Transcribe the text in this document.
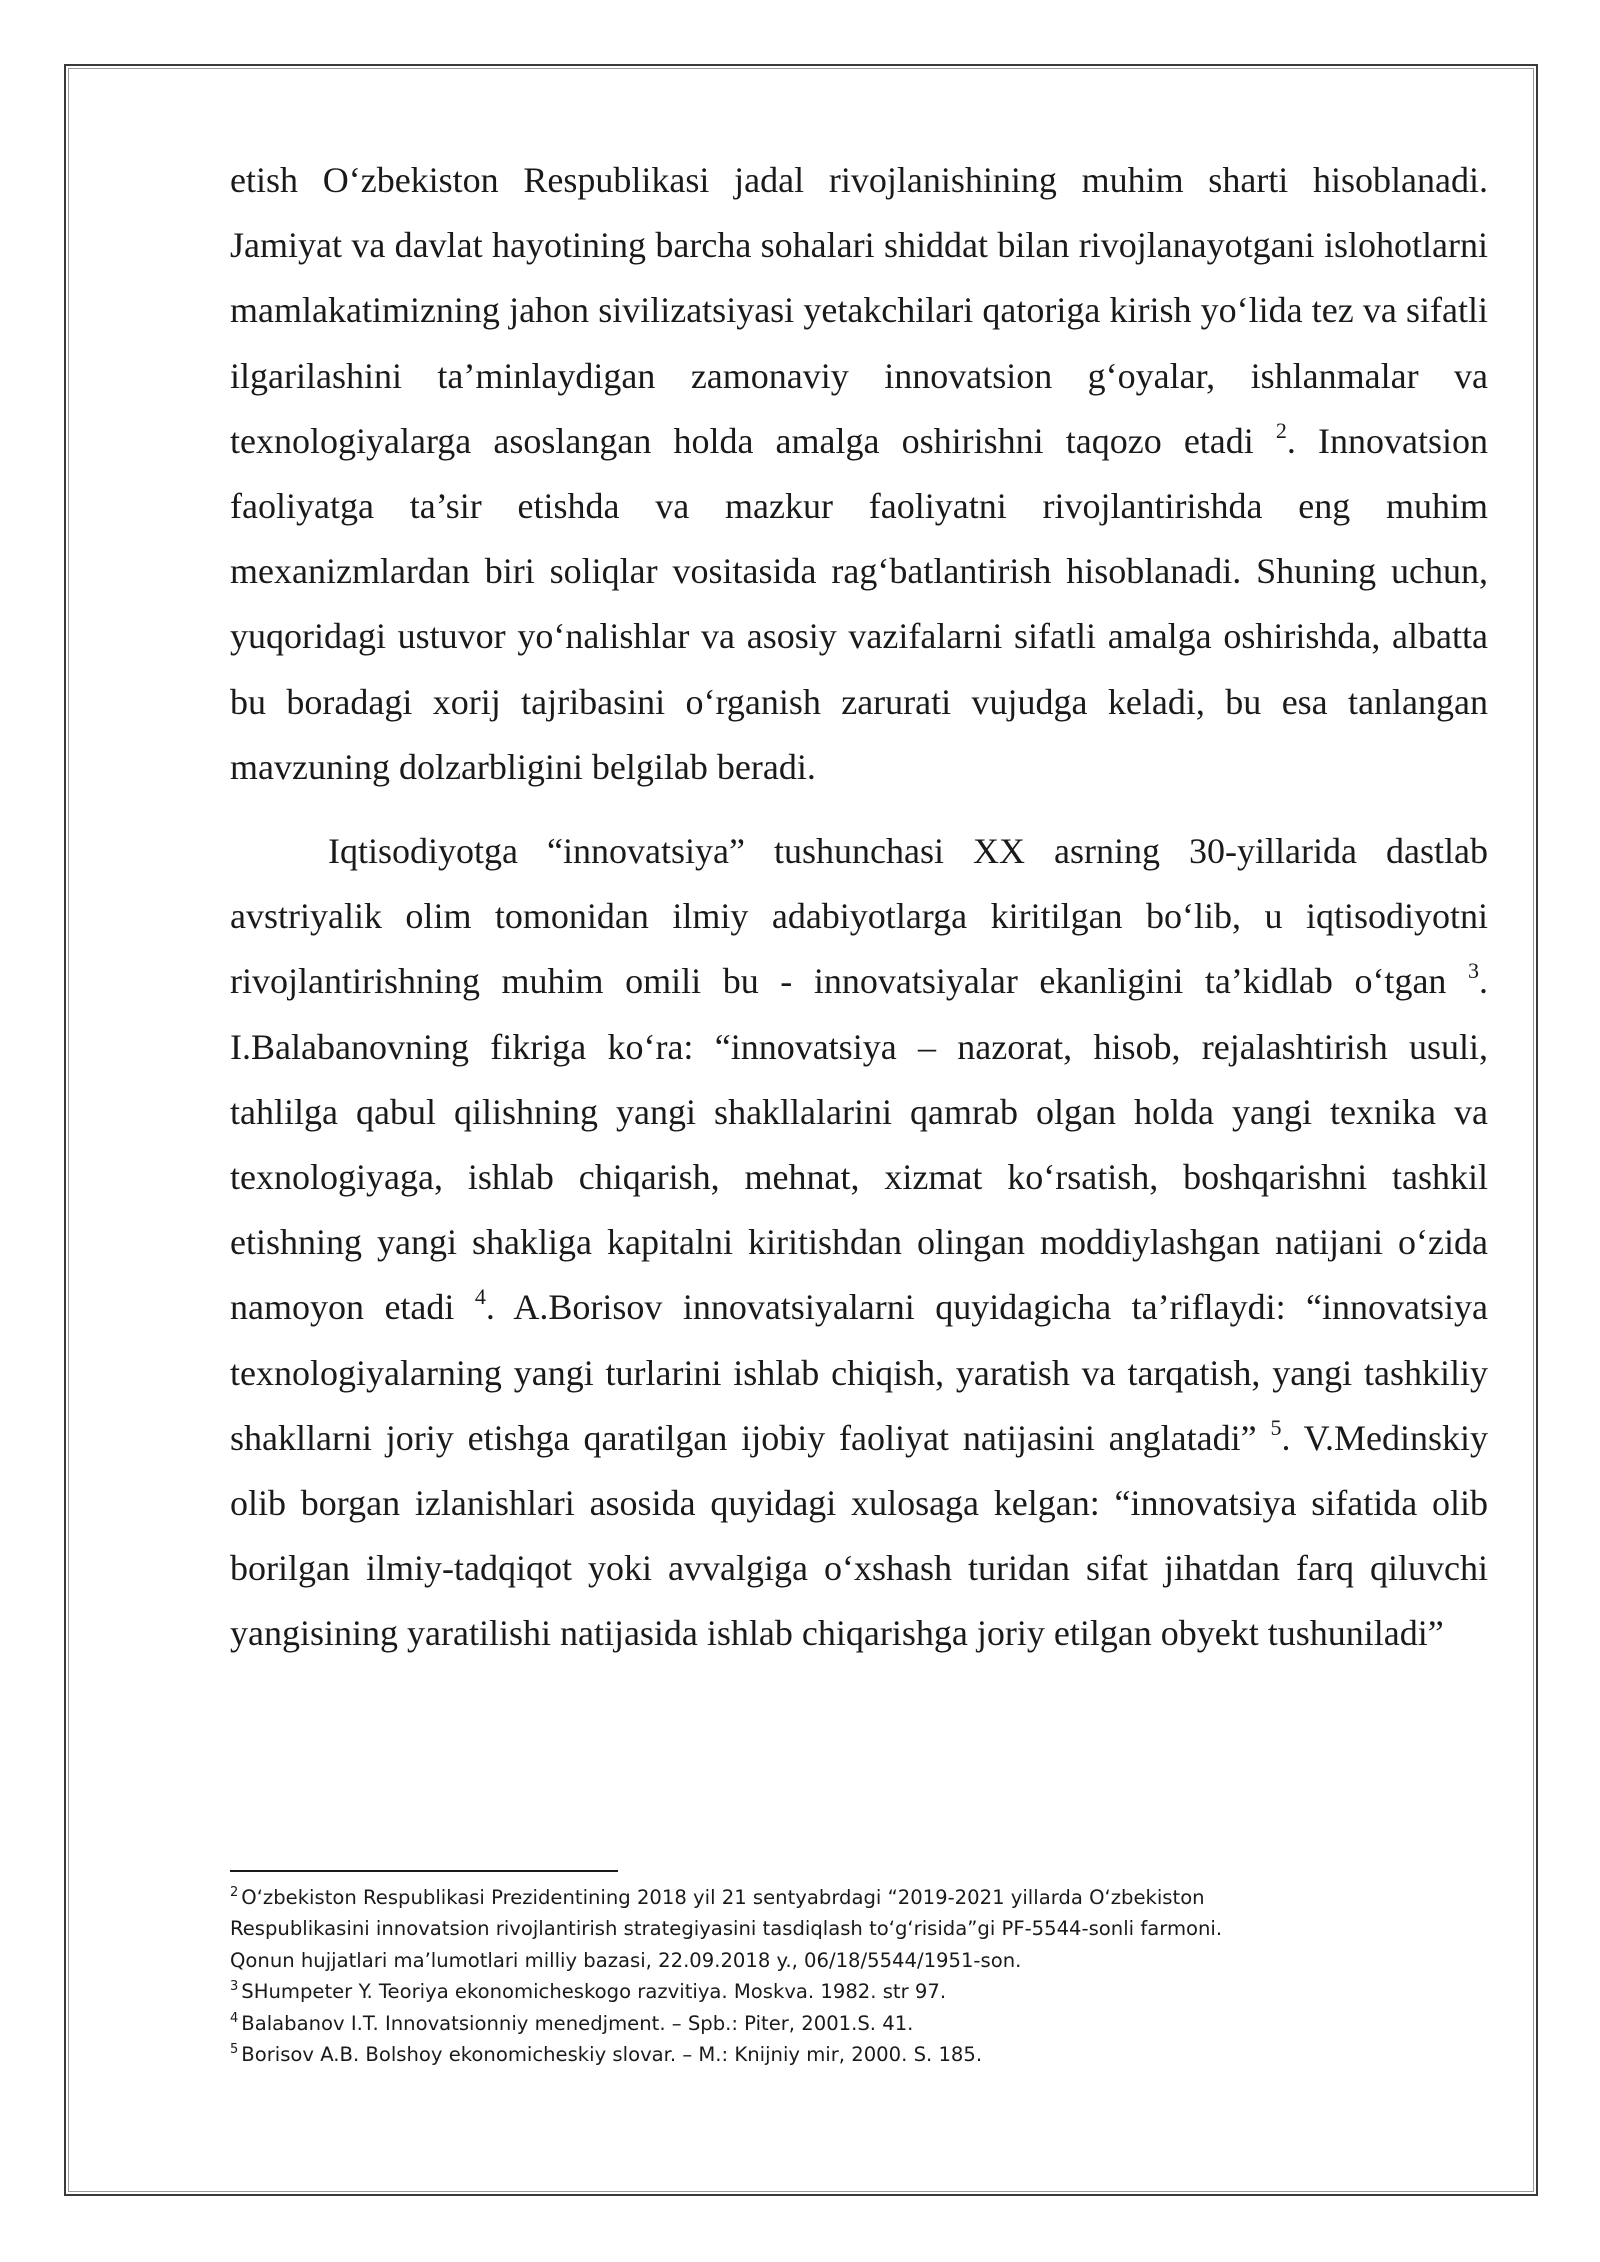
etish O‘zbekiston Respublikasi jadal rivojlanishining muhim sharti hisoblanadi. Jamiyat va davlat hayotining barcha sohalari shiddat bilan rivojlanayotgani islohotlarni mamlakatimizning jahon sivilizatsiyasi yetakchilari qatoriga kirish yo‘lida tez va sifatli ilgarilashini ta’minlaydigan zamonaviy innovatsion g‘oyalar, ishlanmalar va texnologiyalarga asoslangan holda amalga oshirishni taqozo etadi $^2$. Innovatsion faoliyatga ta’sir etishda va mazkur faoliyatni rivojlantirishda eng muhim mexanizmlardan biri soliqlar vositasida rag‘batlantirish hisoblanadi. Shuning uchun, yuqoridagi ustuvor yo‘nalishlar va asosiy vazifalarni sifatli amalga oshirishda, albatta bu boradagi xorij tajribasini o‘rganish zarurati vujudga keladi, bu esa tanlangan mavzuning dolzarbligini belgilab beradi.

Iqtisodiyotga “innovatsiya” tushunchasi XX asrning 30-yillarida dastlab avstriyalik olim tomonidan ilmiy adabiyotlarga kiritilgan bo‘lib, u iqtisodiyotni rivojlantirishning muhim omili bu - innovatsiyalar ekanligini ta’kidlab o‘tgan $^3$. I.Balabanovning fikriga ko‘ra: “innovatsiya – nazorat, hisob, rejalashtirish usuli, tahlilga qabul qilishning yangi shakllalarini qamrab olgan holda yangi texnika va texnologiyaga, ishlab chiqarish, mehnat, xizmat ko‘rsatish, boshqarishni tashkil etishning yangi shakliga kapitalni kiritishdan olingan moddiylashgan natijani o‘zida namoyon etadi $^4$. A.Borisov innovatsiyalarni quyidagicha ta’riflaydi: “innovatsiya texnologiyalarning yangi turlarini ishlab chiqish, yaratish va tarqatish, yangi tashkiliy shakllarni joriy etishga qaratilgan ijobiy faoliyat natijasini anglatadi” $^5$. V.Medinskiy olib borgan izlanishlari asosida quyidagi xulosaga kelgan: “innovatsiya sifatida olib borilgan ilmiy-tadqiqot yoki avvalgiga o‘xshash turidan sifat jihatdan farq qiluvchi yangisining yaratilishi natijasida ishlab chiqarishga joriy etilgan obyekt tushuniladi”

$^2$ O‘zbekiston Respublikasi Prezidentining 2018 yil 21 sentyabrdagi “2019-2021 yillarda O‘zbekiston Respublikasini innovatsion rivojlantirish strategiyasini tasdiqlash to‘g‘risida”gi PF-5544-sonli farmoni. Qonun hujjatlari ma’lumotlari milliy bazasi, 22.09.2018 y., 06/18/5544/1951-son.

$^3$ SHumpeter Y. Teoriya ekonomicheskogo razvitiya. Moskva. 1982. str 97.

$^4$ Balabanov I.T. Innovatsionniy menedjment. – Spb.: Piter, 2001.S. 41.

$^5$ Borisov A.B. Bolshoy ekonomicheskiy slovar. – M.: Knijniy mir, 2000. S. 185.
